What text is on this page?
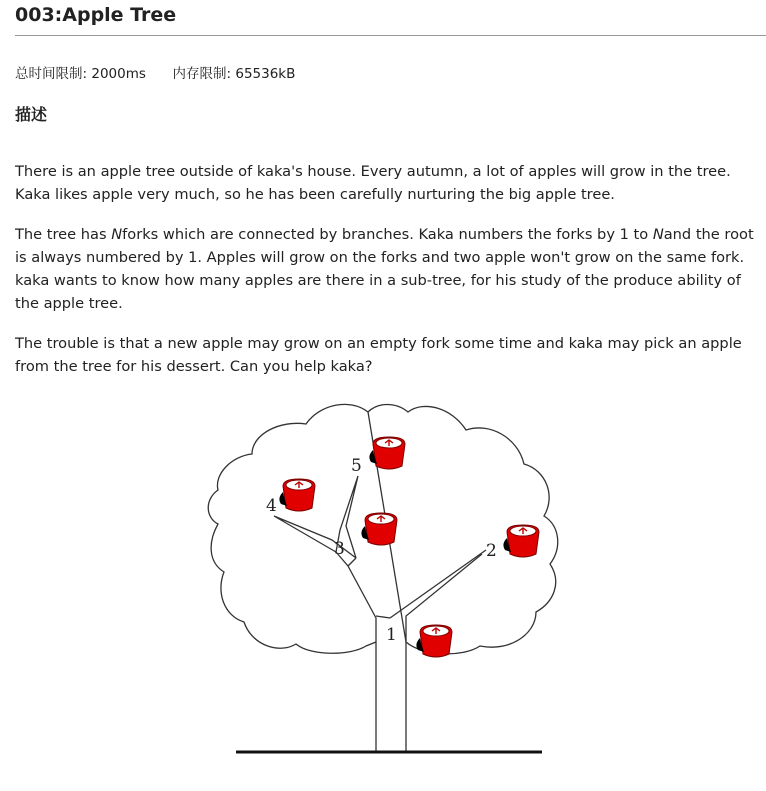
003:Apple Tree
总时间限制: 2000ms 内存限制: 65536kB
描述

There is an apple tree outside of kaka's house. Every autumn, a lot of apples will grow in the tree. Kaka likes apple very much, so he has been carefully nurturing the big apple tree.

The tree has Nforks which are connected by branches. Kaka numbers the forks by 1 to Nand the root is always numbered by 1. Apples will grow on the forks and two apple won't grow on the same fork. kaka wants to know how many apples are there in a sub-tree, for his study of the produce ability of the apple tree.

The trouble is that a new apple may grow on an empty fork some time and kaka may pick an apple from the tree for his dessert. Can you help kaka?

1
2
3
4
5
